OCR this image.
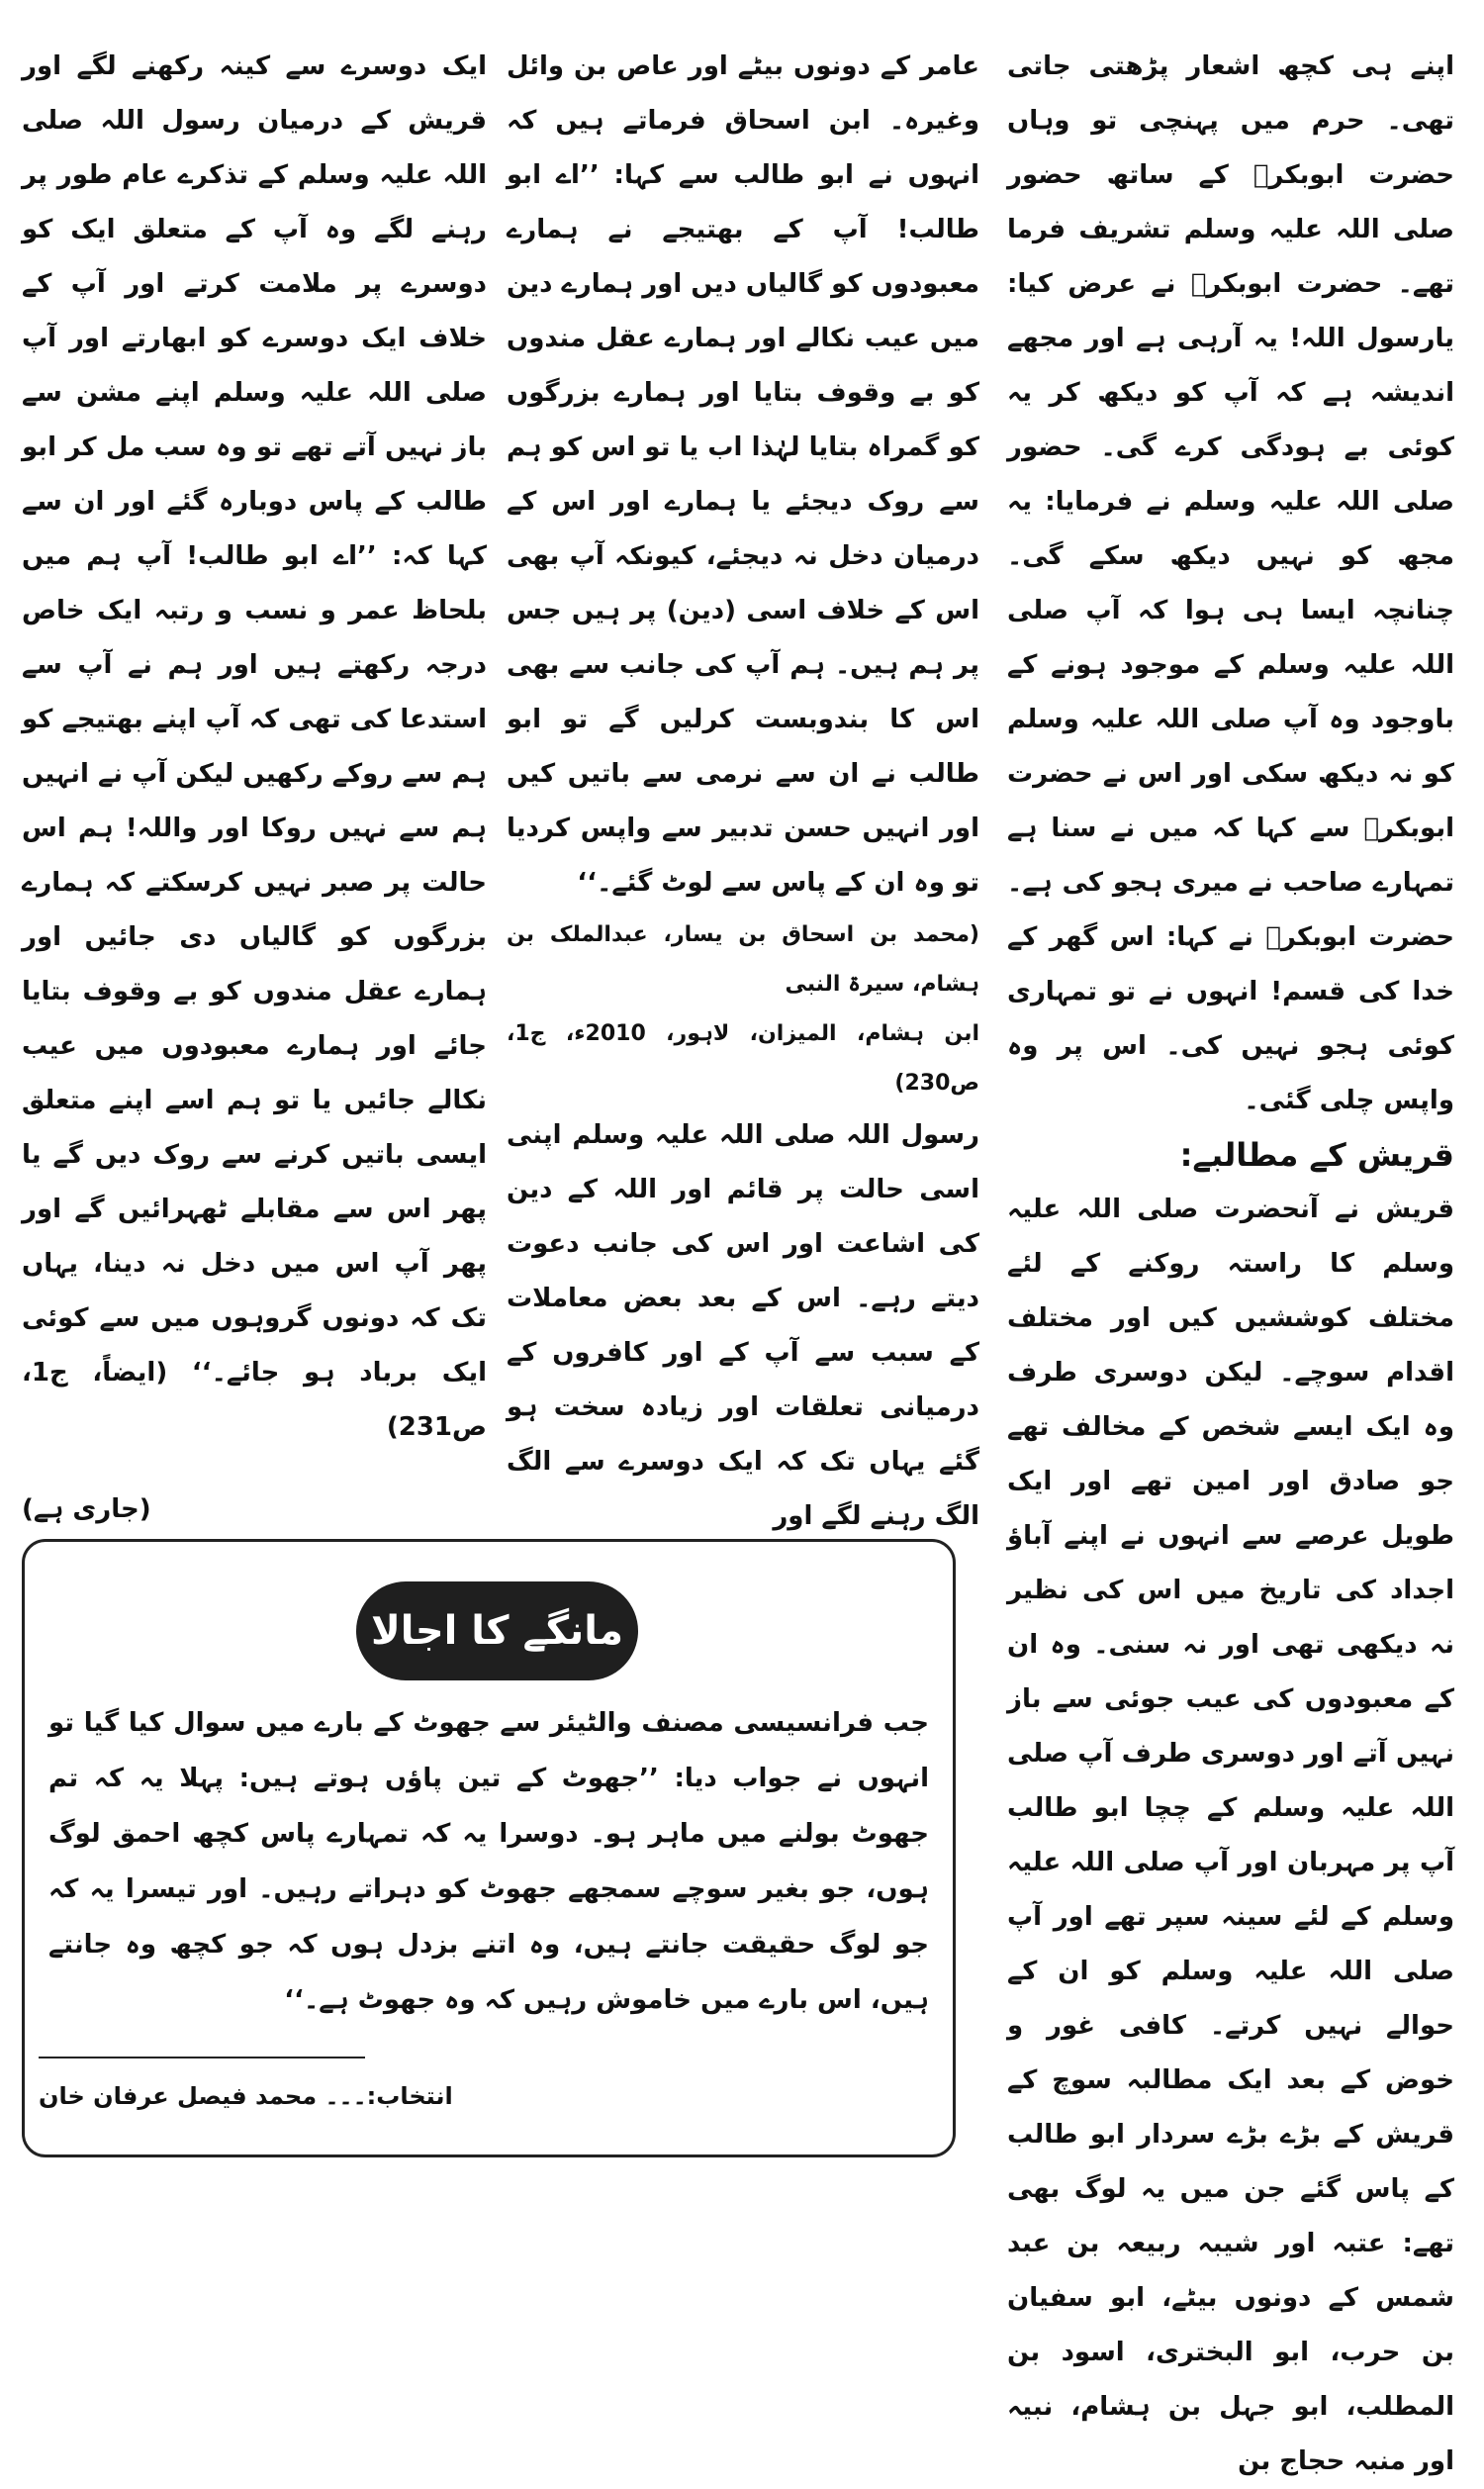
اپنے ہی کچھ اشعار پڑھتی جاتی تھی۔ حرم میں پہنچی تو وہاں حضرت ابوبکرؓ کے ساتھ حضور صلی اللہ علیہ وسلم تشریف فرما تھے۔ حضرت ابوبکرؓ نے عرض کیا: یارسول اللہ! یہ آرہی ہے اور مجھے اندیشہ ہے کہ آپ کو دیکھ کر یہ کوئی بے ہودگی کرے گی۔ حضور صلی اللہ علیہ وسلم نے فرمایا: یہ مجھ کو نہیں دیکھ سکے گی۔ چنانچہ ایسا ہی ہوا کہ آپ صلی اللہ علیہ وسلم کے موجود ہونے کے باوجود وہ آپ صلی اللہ علیہ وسلم کو نہ دیکھ سکی اور اس نے حضرت ابوبکرؓ سے کہا کہ میں نے سنا ہے تمہارے صاحب نے میری ہجو کی ہے۔ حضرت ابوبکرؓ نے کہا: اس گھر کے خدا کی قسم! انہوں نے تو تمہاری کوئی ہجو نہیں کی۔ اس پر وہ واپس چلی گئی۔

قریش کے مطالبے:

قریش نے آنحضرت صلی اللہ علیہ وسلم کا راستہ روکنے کے لئے مختلف کوششیں کیں اور مختلف اقدام سوچے۔ لیکن دوسری طرف وہ ایک ایسے شخص کے مخالف تھے جو صادق اور امین تھے اور ایک طویل عرصے سے انہوں نے اپنے آباؤ اجداد کی تاریخ میں اس کی نظیر نہ دیکھی تھی اور نہ سنی۔ وہ ان کے معبودوں کی عیب جوئی سے باز نہیں آتے اور دوسری طرف آپ صلی اللہ علیہ وسلم کے چچا ابو طالب آپ پر مہربان اور آپ صلی اللہ علیہ وسلم کے لئے سینہ سپر تھے اور آپ صلی اللہ علیہ وسلم کو ان کے حوالے نہیں کرتے۔ کافی غور و خوض کے بعد ایک مطالبہ سوچ کے قریش کے بڑے بڑے سردار ابو طالب کے پاس گئے جن میں یہ لوگ بھی تھے: عتبہ اور شیبہ ربیعہ بن عبد شمس کے دونوں بیٹے، ابو سفیان بن حرب، ابو البختری، اسود بن المطلب، ابو جہل بن ہشام، نبیہ اور منبہ حجاج بن

عامر کے دونوں بیٹے اور عاص بن وائل وغیرہ۔ ابن اسحاق فرماتے ہیں کہ انہوں نے ابو طالب سے کہا: ’’اے ابو طالب! آپ کے بھتیجے نے ہمارے معبودوں کو گالیاں دیں اور ہمارے دین میں عیب نکالے اور ہمارے عقل مندوں کو بے وقوف بتایا اور ہمارے بزرگوں کو گمراہ بتایا لہٰذا اب یا تو اس کو ہم سے روک دیجئے یا ہمارے اور اس کے درمیان دخل نہ دیجئے، کیونکہ آپ بھی اس کے خلاف اسی (دین) پر ہیں جس پر ہم ہیں۔ ہم آپ کی جانب سے بھی اس کا بندوبست کرلیں گے تو ابو طالب نے ان سے نرمی سے باتیں کیں اور انہیں حسن تدبیر سے واپس کردیا تو وہ ان کے پاس سے لوٹ گئے۔‘‘

(محمد بن اسحاق بن یسار، عبدالملک بن ہشام، سیرۃ النبی

ابن ہشام، المیزان، لاہور، 2010ء، ج1، ص230)

رسول اللہ صلی اللہ علیہ وسلم اپنی اسی حالت پر قائم اور اللہ کے دین کی اشاعت اور اس کی جانب دعوت دیتے رہے۔ اس کے بعد بعض معاملات کے سبب سے آپ کے اور کافروں کے درمیانی تعلقات اور زیادہ سخت ہو گئے یہاں تک کہ ایک دوسرے سے الگ الگ رہنے لگے اور

ایک دوسرے سے کینہ رکھنے لگے اور قریش کے درمیان رسول اللہ صلی اللہ علیہ وسلم کے تذکرے عام طور پر رہنے لگے وہ آپ کے متعلق ایک کو دوسرے پر ملامت کرتے اور آپ کے خلاف ایک دوسرے کو ابھارتے اور آپ صلی اللہ علیہ وسلم اپنے مشن سے باز نہیں آتے تھے تو وہ سب مل کر ابو طالب کے پاس دوبارہ گئے اور ان سے کہا کہ: ’’اے ابو طالب! آپ ہم میں بلحاظ عمر و نسب و رتبہ ایک خاص درجہ رکھتے ہیں اور ہم نے آپ سے استدعا کی تھی کہ آپ اپنے بھتیجے کو ہم سے روکے رکھیں لیکن آپ نے انہیں ہم سے نہیں روکا اور واللہ! ہم اس حالت پر صبر نہیں کرسکتے کہ ہمارے بزرگوں کو گالیاں دی جائیں اور ہمارے عقل مندوں کو بے وقوف بتایا جائے اور ہمارے معبودوں میں عیب نکالے جائیں یا تو ہم اسے اپنے متعلق ایسی باتیں کرنے سے روک دیں گے یا پھر اس سے مقابلے ٹھہرائیں گے اور پھر آپ اس میں دخل نہ دینا، یہاں تک کہ دونوں گروہوں میں سے کوئی ایک برباد ہو جائے۔‘‘ (ایضاً، ج1، ص231)

(جاری ہے)
مانگے کا اجالا

جب فرانسیسی مصنف والٹیئر سے جھوٹ کے بارے میں سوال کیا گیا تو انہوں نے جواب دیا: ’’جھوٹ کے تین پاؤں ہوتے ہیں: پہلا یہ کہ تم جھوٹ بولنے میں ماہر ہو۔ دوسرا یہ کہ تمہارے پاس کچھ احمق لوگ ہوں، جو بغیر سوچے سمجھے جھوٹ کو دہراتے رہیں۔ اور تیسرا یہ کہ جو لوگ حقیقت جانتے ہیں، وہ اتنے بزدل ہوں کہ جو کچھ وہ جانتے ہیں، اس بارے میں خاموش رہیں کہ وہ جھوٹ ہے۔‘‘

انتخاب:۔۔۔ محمد فیصل عرفان خان
